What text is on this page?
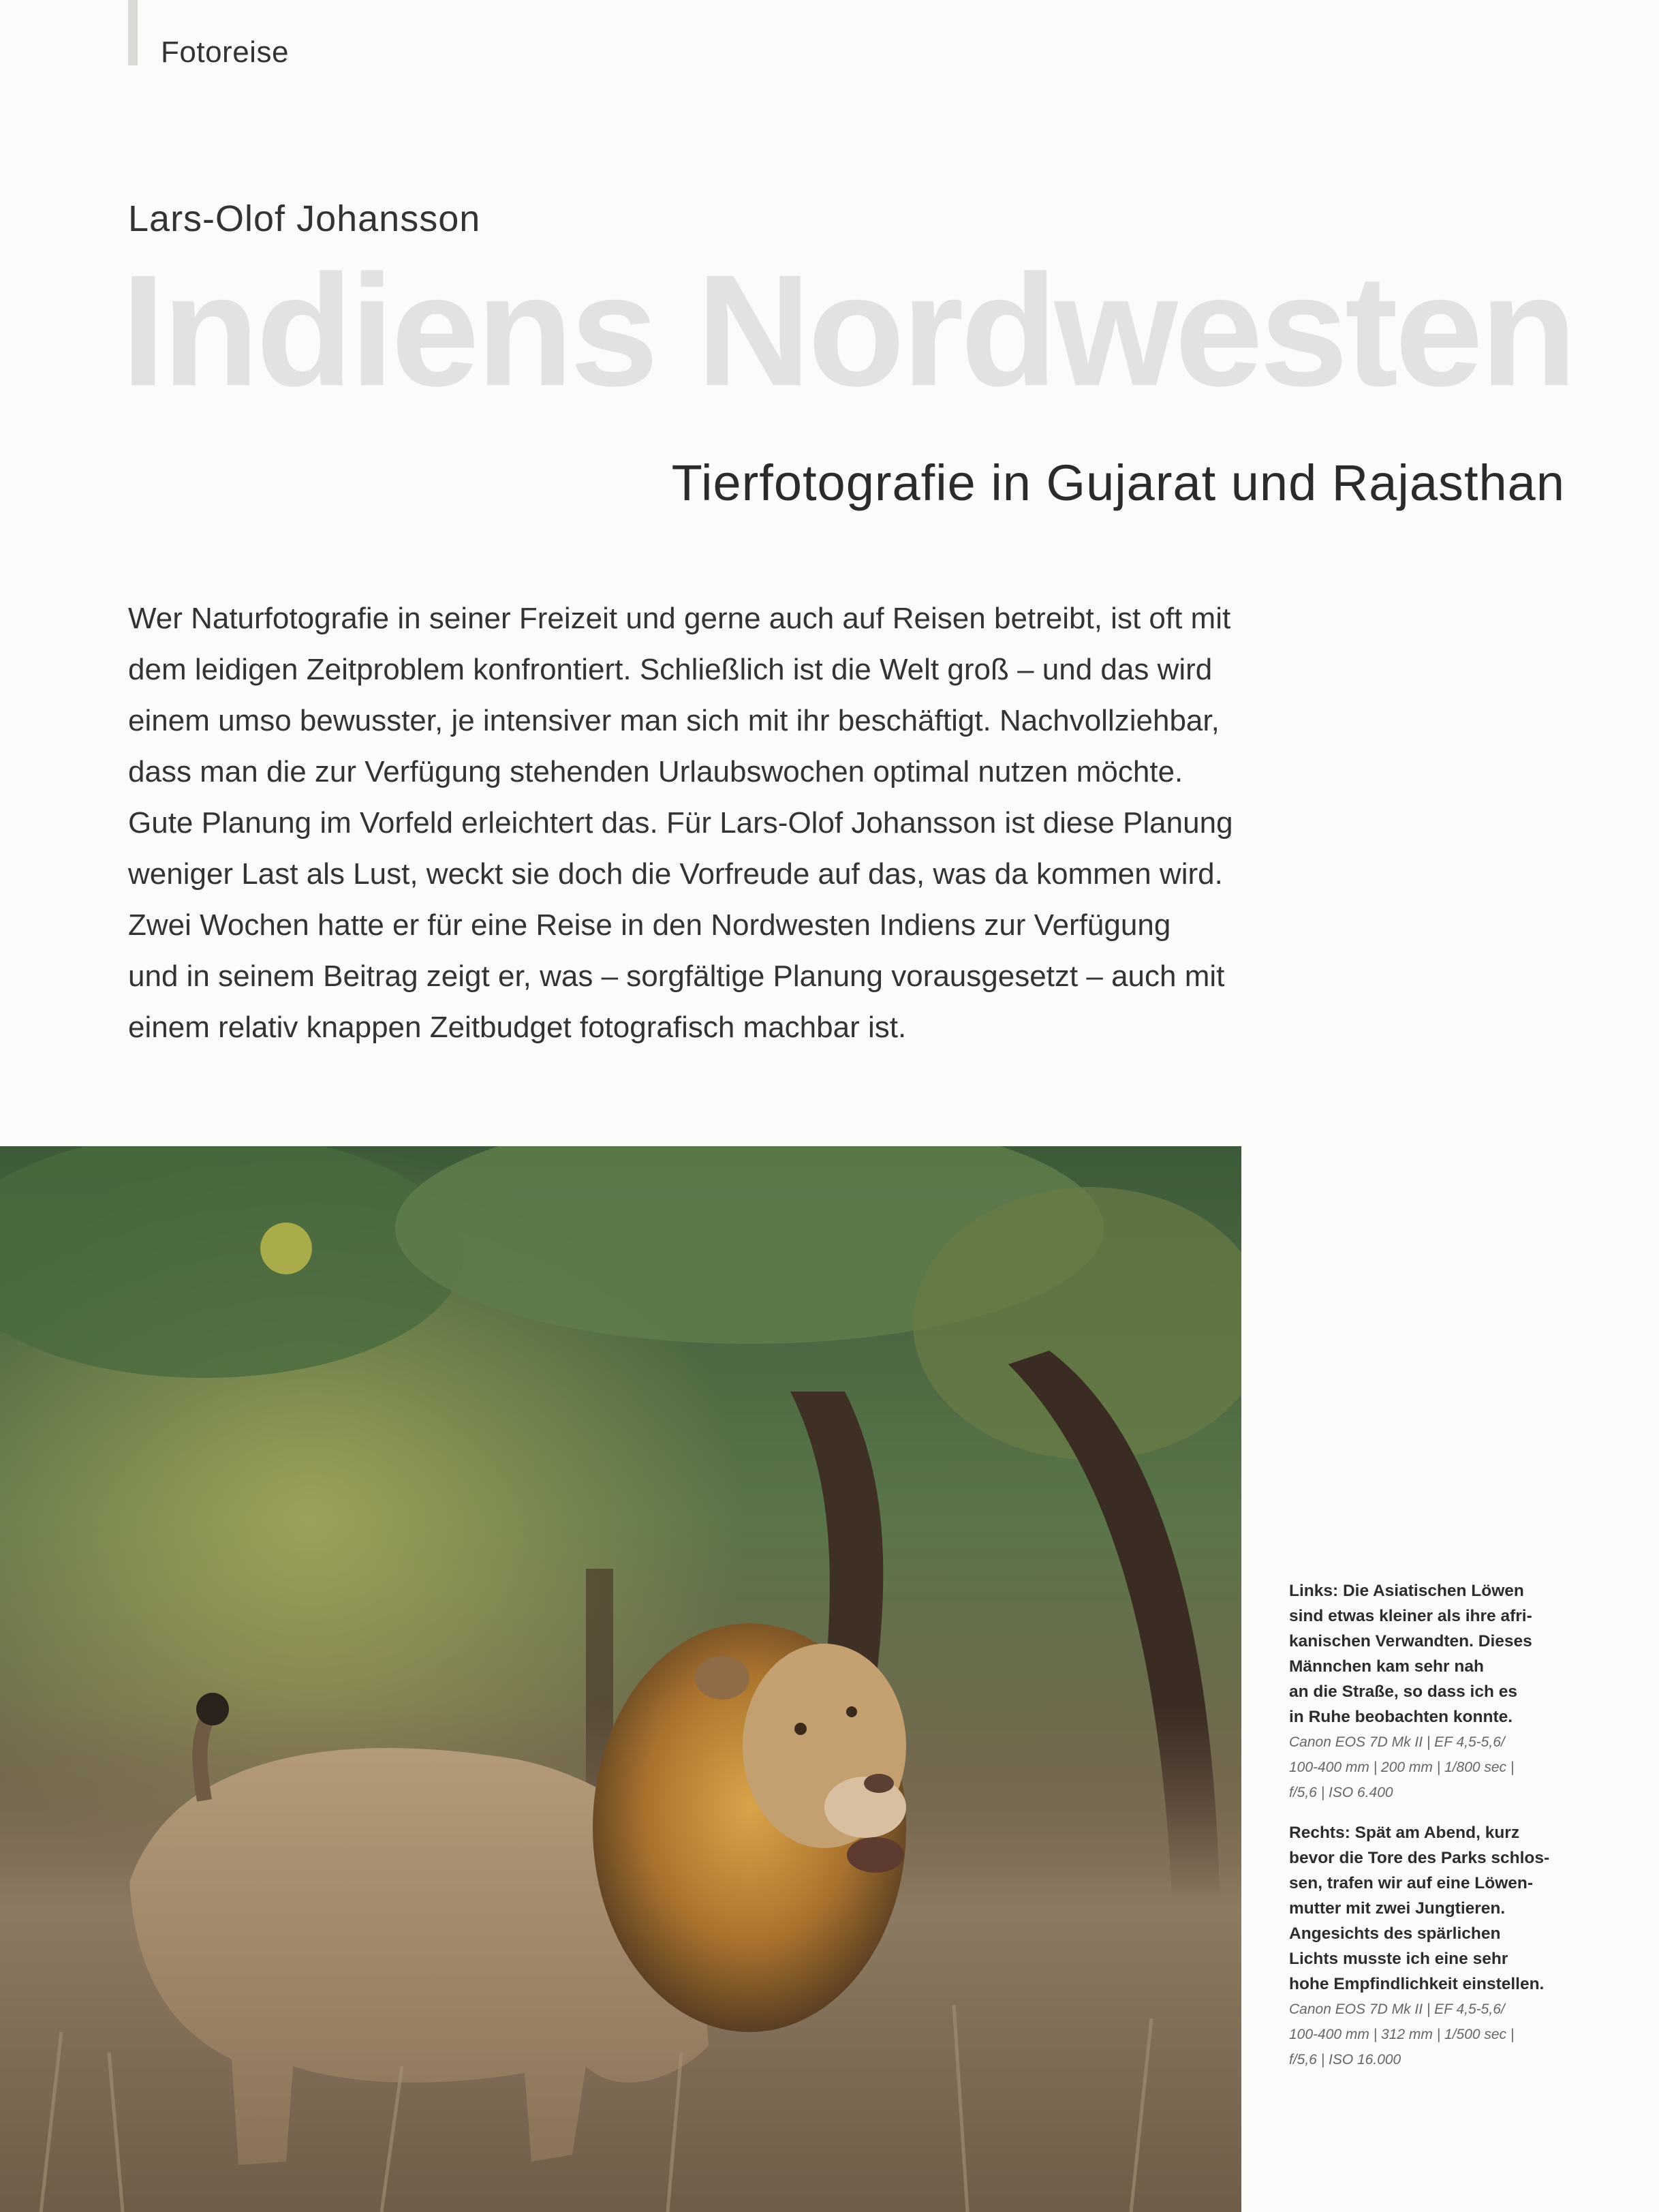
Fotoreise
Lars-Olof Johansson
Indiens Nordwesten
Tierfotografie in Gujarat und Rajasthan
Wer Naturfotografie in seiner Freizeit und gerne auch auf Reisen betreibt, ist oft mit
dem leidigen Zeitproblem konfrontiert. Schließlich ist die Welt groß – und das wird
einem umso bewusster, je intensiver man sich mit ihr beschäftigt. Nachvollziehbar,
dass man die zur Verfügung stehenden Urlaubswochen optimal nutzen möchte.
Gute Planung im Vorfeld erleichtert das. Für Lars-Olof Johansson ist diese Planung
weniger Last als Lust, weckt sie doch die Vorfreude auf das, was da kommen wird.
Zwei Wochen hatte er für eine Reise in den Nordwesten Indiens zur Verfügung
und in seinem Beitrag zeigt er, was – sorgfältige Planung vorausgesetzt – auch mit
einem relativ knappen Zeitbudget fotografisch machbar ist.

Links: Die Asiatischen Löwen

sind etwas kleiner als ihre afri-

kanischen Verwandten. Dieses

Männchen kam sehr nah

an die Straße, so dass ich es

in Ruhe beobachten konnte.

Canon EOS 7D Mk II | EF 4,5-5,6/

100-400 mm | 200 mm | 1/800 sec |

f/5,6 | ISO 6.400

Rechts: Spät am Abend, kurz

bevor die Tore des Parks schlos-

sen, trafen wir auf eine Löwen-

mutter mit zwei Jungtieren.

Angesichts des spärlichen

Lichts musste ich eine sehr

hohe Empfindlichkeit einstellen.

Canon EOS 7D Mk II | EF 4,5-5,6/

100-400 mm | 312 mm | 1/500 sec |

f/5,6 | ISO 16.000
